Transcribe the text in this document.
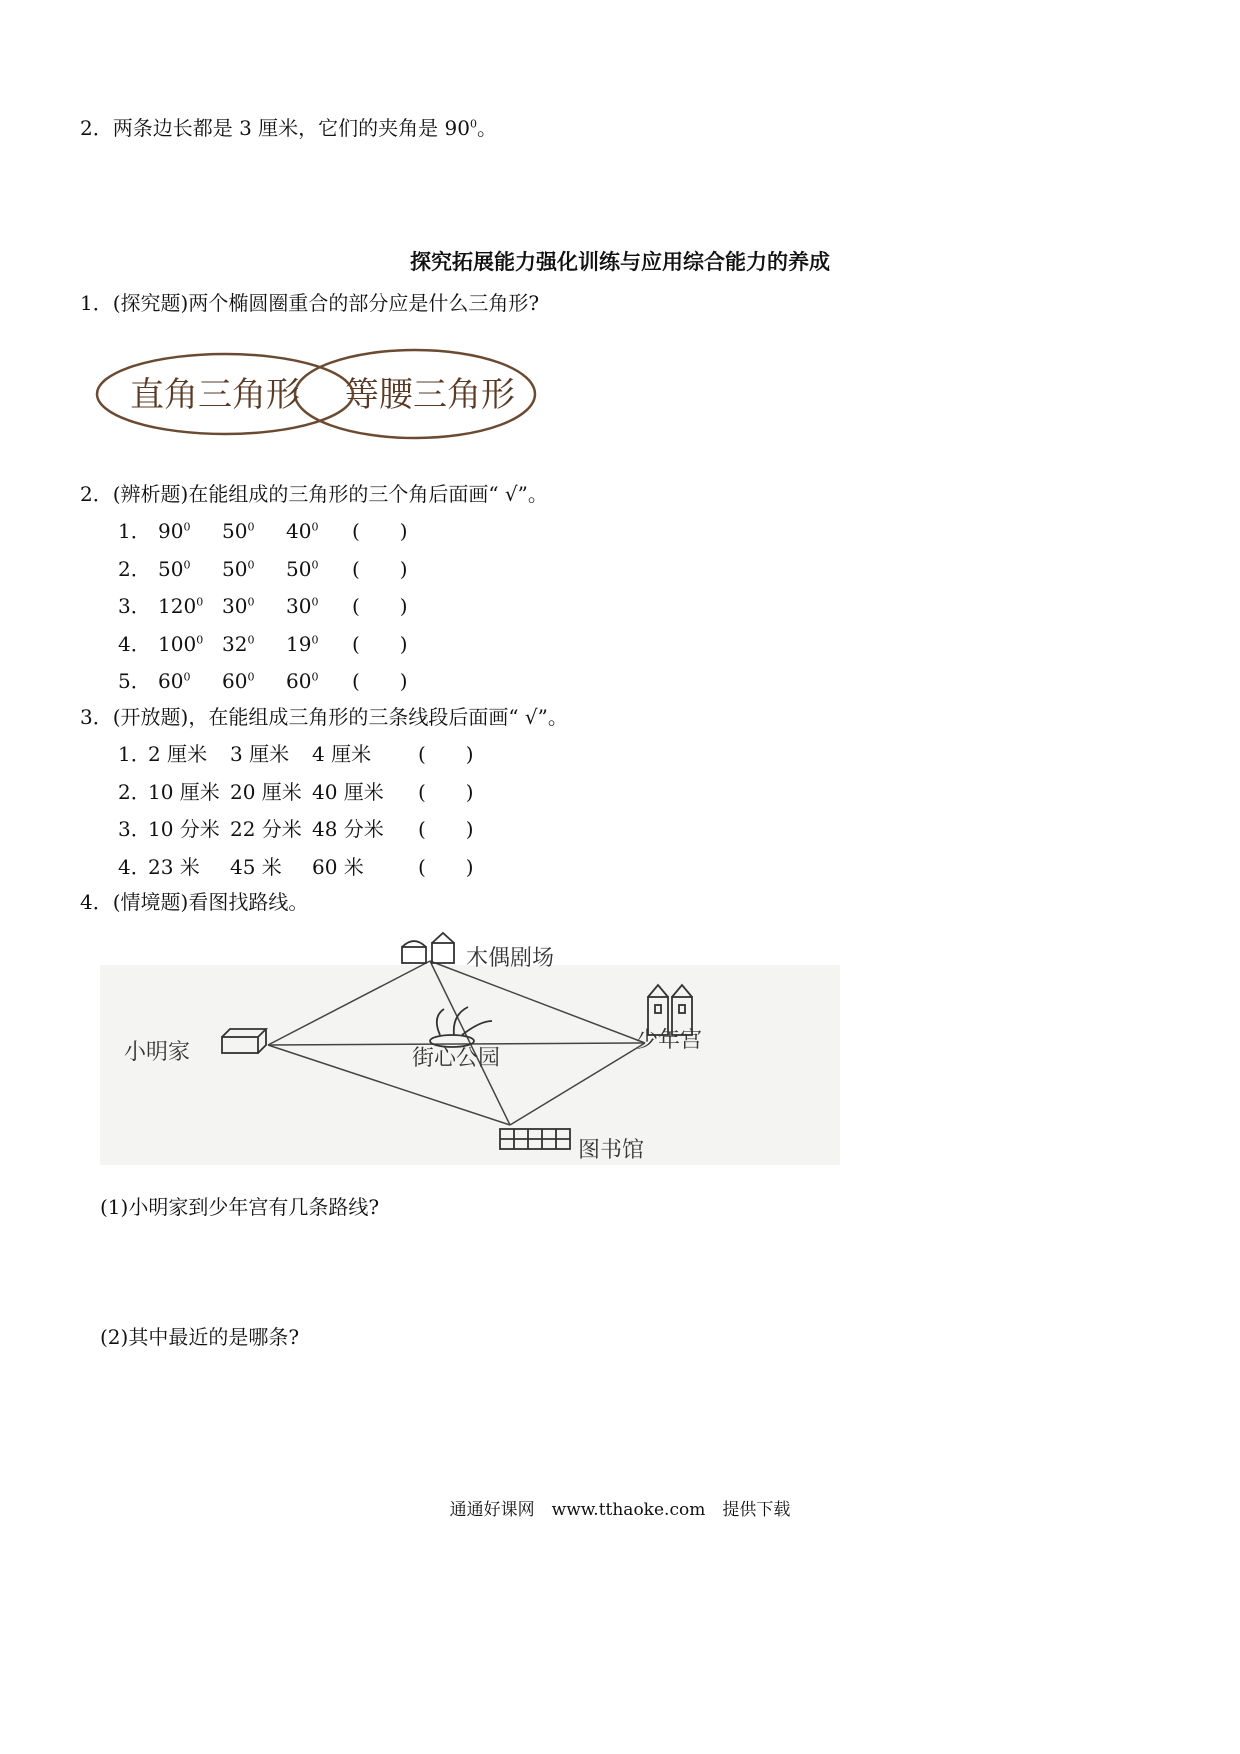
2．两条边长都是 3 厘米，它们的夹角是 $90^0$。
探究拓展能力强化训练与应用综合能力的养成
1．(探究题)两个椭圆圈重合的部分应是什么三角形?
直角三角形 等腰三角形
2．(辨析题)在能组成的三角形的三个角后面画“ √”。
1． $90^0$ $50^0$ $40^0$ (　　)
2． $50^0$ $50^0$ $50^0$ (　　)
3． $120^0$ $30^0$ $30^0$ (　　)
4． $100^0$ $32^0$ $19^0$ (　　)
5． $60^0$ $60^0$ $60^0$ (　　)
3．(开放题)，在能组成三角形的三条线段后面画“ √”。
1．
2 厘米 3 厘米 4 厘米 (　　)
2．
10 厘米 20 厘米 40 厘米 (　　)
3．
10 分米 22 分米 48 分米 (　　)
4．
23 米 45 米 60 米	(　　)
4．(情境题)看图找路线。
木偶剧场
小明家	少年宫
街心公园
图书馆
(1)小明家到少年宫有几条路线?
(2)其中最近的是哪条?
通通好课网　www.tthaoke.com　提供下载
